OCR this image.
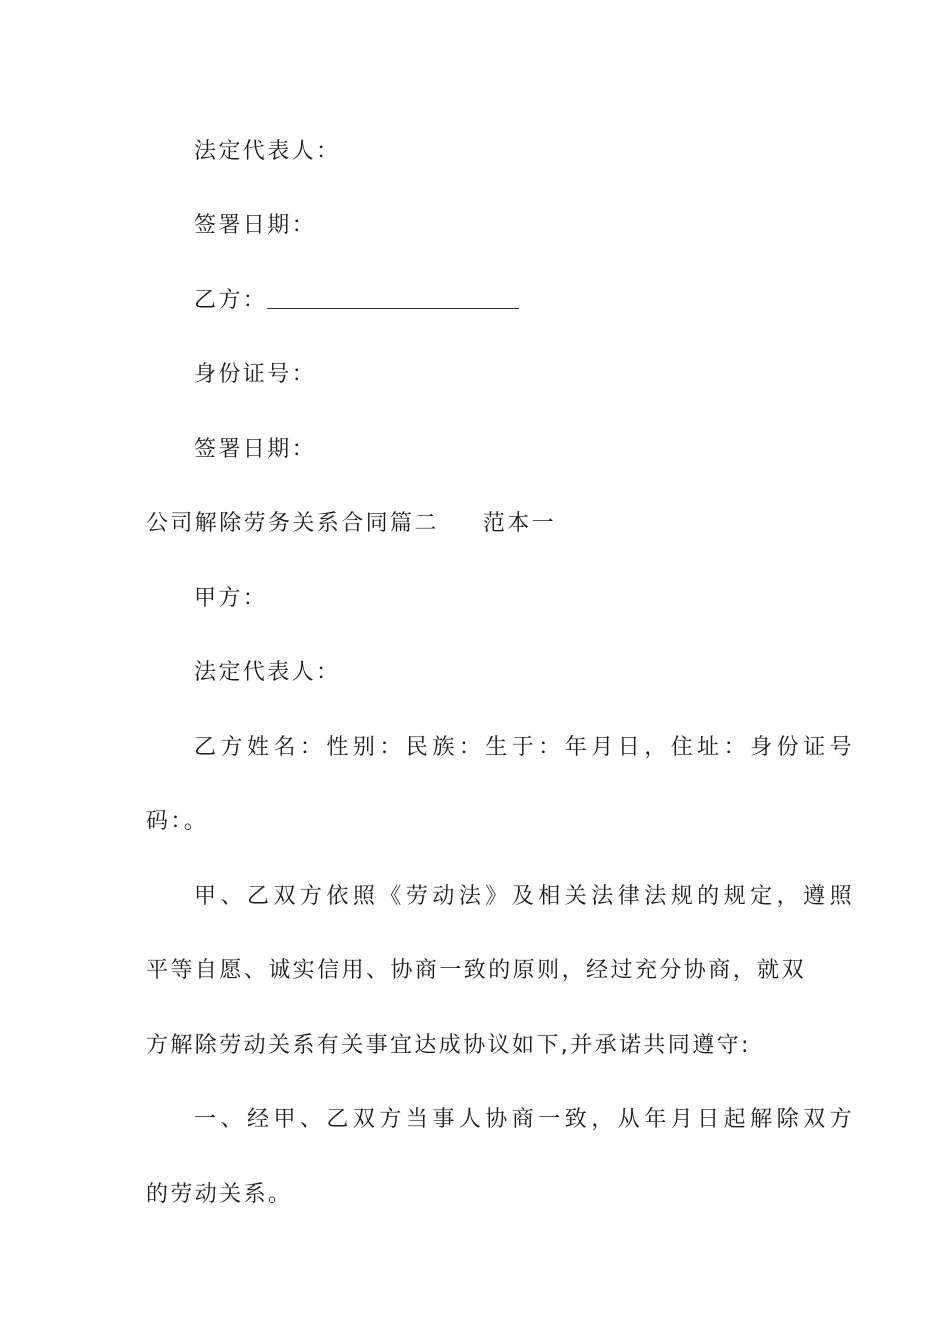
法定代表人：
签署日期：
乙方：
身份证号：
签署日期：
公司解除劳务关系合同篇二 范本一
甲方：
法定代表人：
乙方姓名：性别：民族：生于：年月日，住址：身份证号
码：。
甲、乙双方依照《劳动法》及相关法律法规的规定，遵照
平等自愿、诚实信用、协商一致的原则，经过充分协商，就双
方解除劳动关系有关事宜达成协议如下,并承诺共同遵守:
一、经甲、乙双方当事人协商一致，从年月日起解除双方
的劳动关系。
